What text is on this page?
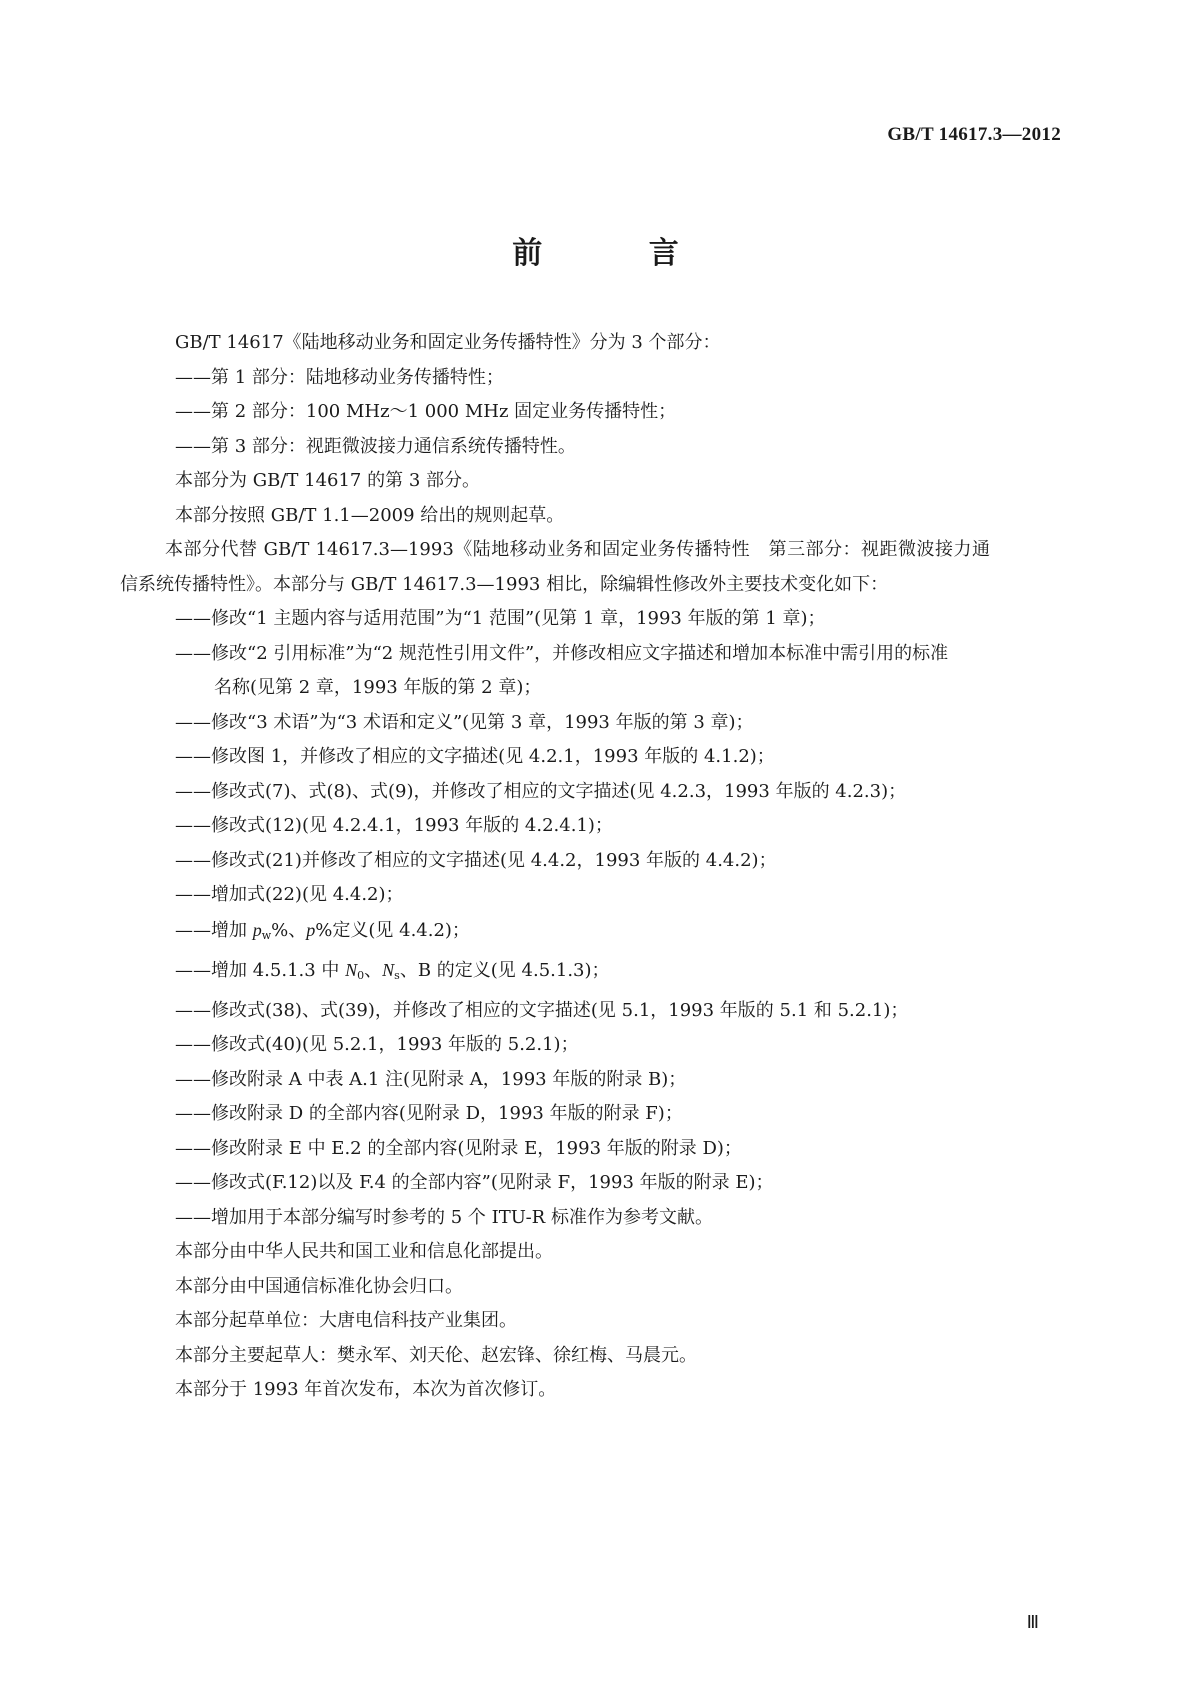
GB/T 14617.3—2012
前 言
GB/T 14617《陆地移动业务和固定业务传播特性》分为 3 个部分：
——第 1 部分：陆地移动业务传播特性；
——第 2 部分：100 MHz～1 000 MHz 固定业务传播特性；
——第 3 部分：视距微波接力通信系统传播特性。
本部分为 GB/T 14617 的第 3 部分。
本部分按照 GB/T 1.1—2009 给出的规则起草。
本部分代替 GB/T 14617.3—1993《陆地移动业务和固定业务传播特性　第三部分：视距微波接力通信系统传播特性》。本部分与 GB/T 14617.3—1993 相比，除编辑性修改外主要技术变化如下：
——修改“1 主题内容与适用范围”为“1 范围”(见第 1 章，1993 年版的第 1 章)；
——修改“2 引用标准”为“2 规范性引用文件”，并修改相应文字描述和增加本标准中需引用的标准
名称(见第 2 章，1993 年版的第 2 章)；
——修改“3 术语”为“3 术语和定义”(见第 3 章，1993 年版的第 3 章)；
——修改图 1，并修改了相应的文字描述(见 4.2.1，1993 年版的 4.1.2)；
——修改式(7)、式(8)、式(9)，并修改了相应的文字描述(见 4.2.3，1993 年版的 4.2.3)；
——修改式(12)(见 4.2.4.1，1993 年版的 4.2.4.1)；
——修改式(21)并修改了相应的文字描述(见 4.4.2，1993 年版的 4.4.2)；
——增加式(22)(见 4.4.2)；
——增加 $p_w\%$、p%定义(见 4.4.2)；
——增加 4.5.1.3 中 $N_0$、$N_s$、B 的定义(见 4.5.1.3)；
——修改式(38)、式(39)，并修改了相应的文字描述(见 5.1，1993 年版的 5.1 和 5.2.1)；
——修改式(40)(见 5.2.1，1993 年版的 5.2.1)；
——修改附录 A 中表 A.1 注(见附录 A，1993 年版的附录 B)；
——修改附录 D 的全部内容(见附录 D，1993 年版的附录 F)；
——修改附录 E 中 E.2 的全部内容(见附录 E，1993 年版的附录 D)；
——修改式(F.12)以及 F.4 的全部内容”(见附录 F，1993 年版的附录 E)；
——增加用于本部分编写时参考的 5 个 ITU-R 标准作为参考文献。
本部分由中华人民共和国工业和信息化部提出。
本部分由中国通信标准化协会归口。
本部分起草单位：大唐电信科技产业集团。
本部分主要起草人：樊永军、刘天伦、赵宏锋、徐红梅、马晨元。
本部分于 1993 年首次发布，本次为首次修订。
Ⅲ
